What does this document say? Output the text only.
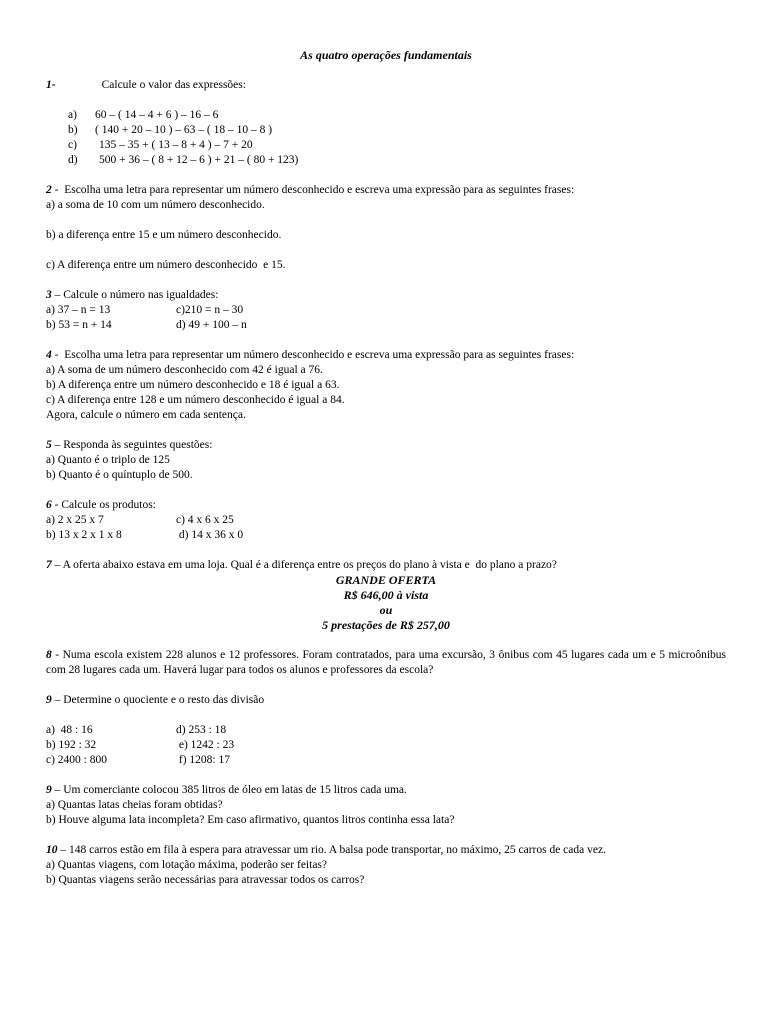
As quatro operações fundamentais
1-	Calcule o valor das expressões:
a)	60 – ( 14 – 4 + 6 ) – 16 – 6
b)	( 140 + 20 – 10 ) – 63 – ( 18 – 10 – 8 )
c)	135 – 35 + ( 13 – 8 + 4 ) – 7 + 20
d)	500 + 36 – ( 8 + 12 – 6 ) + 21 – ( 80 + 123)
2 -  Escolha uma letra para representar um número desconhecido e escreva uma expressão para as seguintes frases:
a) a soma de 10 com um número desconhecido.
b) a diferença entre 15 e um número desconhecido.
c) A diferença entre um número desconhecido  e 15.
3 – Calcule o número nas igualdades:
a) 37 – n = 13	c)210 = n – 30
b) 53 = n + 14	d) 49 + 100 – n
4 -  Escolha uma letra para representar um número desconhecido e escreva uma expressão para as seguintes frases:
a) A soma de um número desconhecido com 42 é igual a 76.
b) A diferença entre um número desconhecido e 18 é igual a 63.
c) A diferença entre 128 e um número desconhecido é igual a 84.
Agora, calcule o número em cada sentença.
5 – Responda às seguintes questões:
a) Quanto é o triplo de 125
b) Quanto é o quíntuplo de 500.
6 - Calcule os produtos:
a) 2 x 25 x 7	c) 4 x 6 x 25
b) 13 x 2 x 1 x 8	d) 14 x 36 x 0
7 – A oferta abaixo estava em uma loja. Qual é a diferença entre os preços do plano à vista e  do plano a prazo?
GRANDE OFERTA
R$ 646,00 à vista
ou
5 prestações de R$ 257,00
8 - Numa escola existem 228 alunos e 12 professores. Foram contratados, para uma excursão, 3 ônibus com 45 lugares cada um e 5 microônibus com 28 lugares cada um. Haverá lugar para todos os alunos e professores da escola?
9 – Determine o quociente e o resto das divisão
a)  48 : 16	d) 253 : 18
b) 192 : 32	e) 1242 : 23
c) 2400 : 800	f) 1208: 17
9 – Um comerciante colocou 385 litros de óleo em latas de 15 litros cada uma.
a) Quantas latas cheias foram obtidas?
b) Houve alguma lata incompleta? Em caso afirmativo, quantos litros continha essa lata?
10 – 148 carros estão em fila à espera para atravessar um rio. A balsa pode transportar, no máximo, 25 carros de cada vez.
a) Quantas viagens, com lotação máxima, poderão ser feitas?
b) Quantas viagens serão necessárias para atravessar todos os carros?
